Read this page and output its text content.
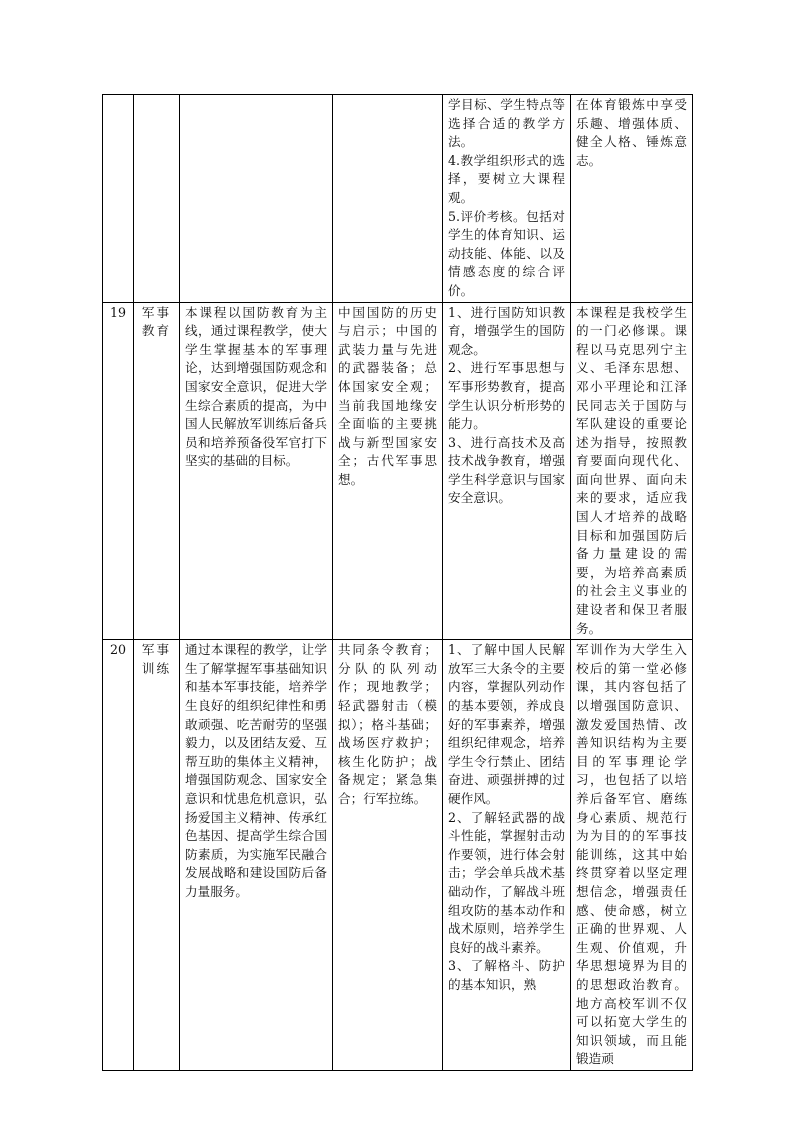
				学目标、学生特点等选择合适的教学方法。
4.教学组织形式的选择，要树立大课程观。
5.评价考核。包括对学生的体育知识、运动技能、体能、以及情感态度的综合评价。	在体育锻炼中享受乐趣、增强体质、健全人格、锤炼意志。
19	军事教育	本课程以国防教育为主线，通过课程教学，使大学生掌握基本的军事理论，达到增强国防观念和国家安全意识，促进大学生综合素质的提高，为中国人民解放军训练后备兵员和培养预备役军官打下坚实的基础的目标。	中国国防的历史与启示；中国的武装力量与先进的武器装备；总体国家安全观；当前我国地缘安全面临的主要挑战与新型国家安全；古代军事思想。	1、进行国防知识教育，增强学生的国防观念。
2、进行军事思想与军事形势教育，提高学生认识分析形势的能力。
3、进行高技术及高技术战争教育，增强学生科学意识与国家安全意识。	本课程是我校学生的一门必修课。课程以马克思列宁主义、毛泽东思想、邓小平理论和江泽民同志关于国防与军队建设的重要论述为指导，按照教育要面向现代化、面向世界、面向未来的要求，适应我国人才培养的战略目标和加强国防后备力量建设的需要，为培养高素质的社会主义事业的建设者和保卫者服务。
20	军事训练	通过本课程的教学，让学生了解掌握军事基础知识和基本军事技能，培养学生良好的组织纪律性和勇敢顽强、吃苦耐劳的坚强毅力，以及团结友爱、互帮互助的集体主义精神，增强国防观念、国家安全意识和忧患危机意识，弘扬爱国主义精神、传承红色基因、提高学生综合国防素质，为实施军民融合发展战略和建设国防后备力量服务。	共同条令教育；分队的队列动作；现地教学；轻武器射击（模拟）；格斗基础；战场医疗救护；核生化防护；战备规定；紧急集合；行军拉练。	1、了解中国人民解放军三大条令的主要内容，掌握队列动作的基本要领，养成良好的军事素养，增强组织纪律观念，培养学生令行禁止、团结奋进、顽强拼搏的过硬作风。
2、了解轻武器的战斗性能，掌握射击动作要领，进行体会射击；学会单兵战术基础动作，了解战斗班组攻防的基本动作和战术原则，培养学生良好的战斗素养。
3、了解格斗、防护的基本知识，熟	军训作为大学生入校后的第一堂必修课，其内容包括了以增强国防意识、激发爱国热情、改善知识结构为主要目的军事理论学习，也包括了以培养后备军官、磨练身心素质、规范行为为目的的军事技能训练，这其中始终贯穿着以坚定理想信念，增强责任感、使命感，树立正确的世界观、人生观、价值观，升华思想境界为目的的思想政治教育。地方高校军训不仅可以拓宽大学生的知识领域，而且能锻造顽
